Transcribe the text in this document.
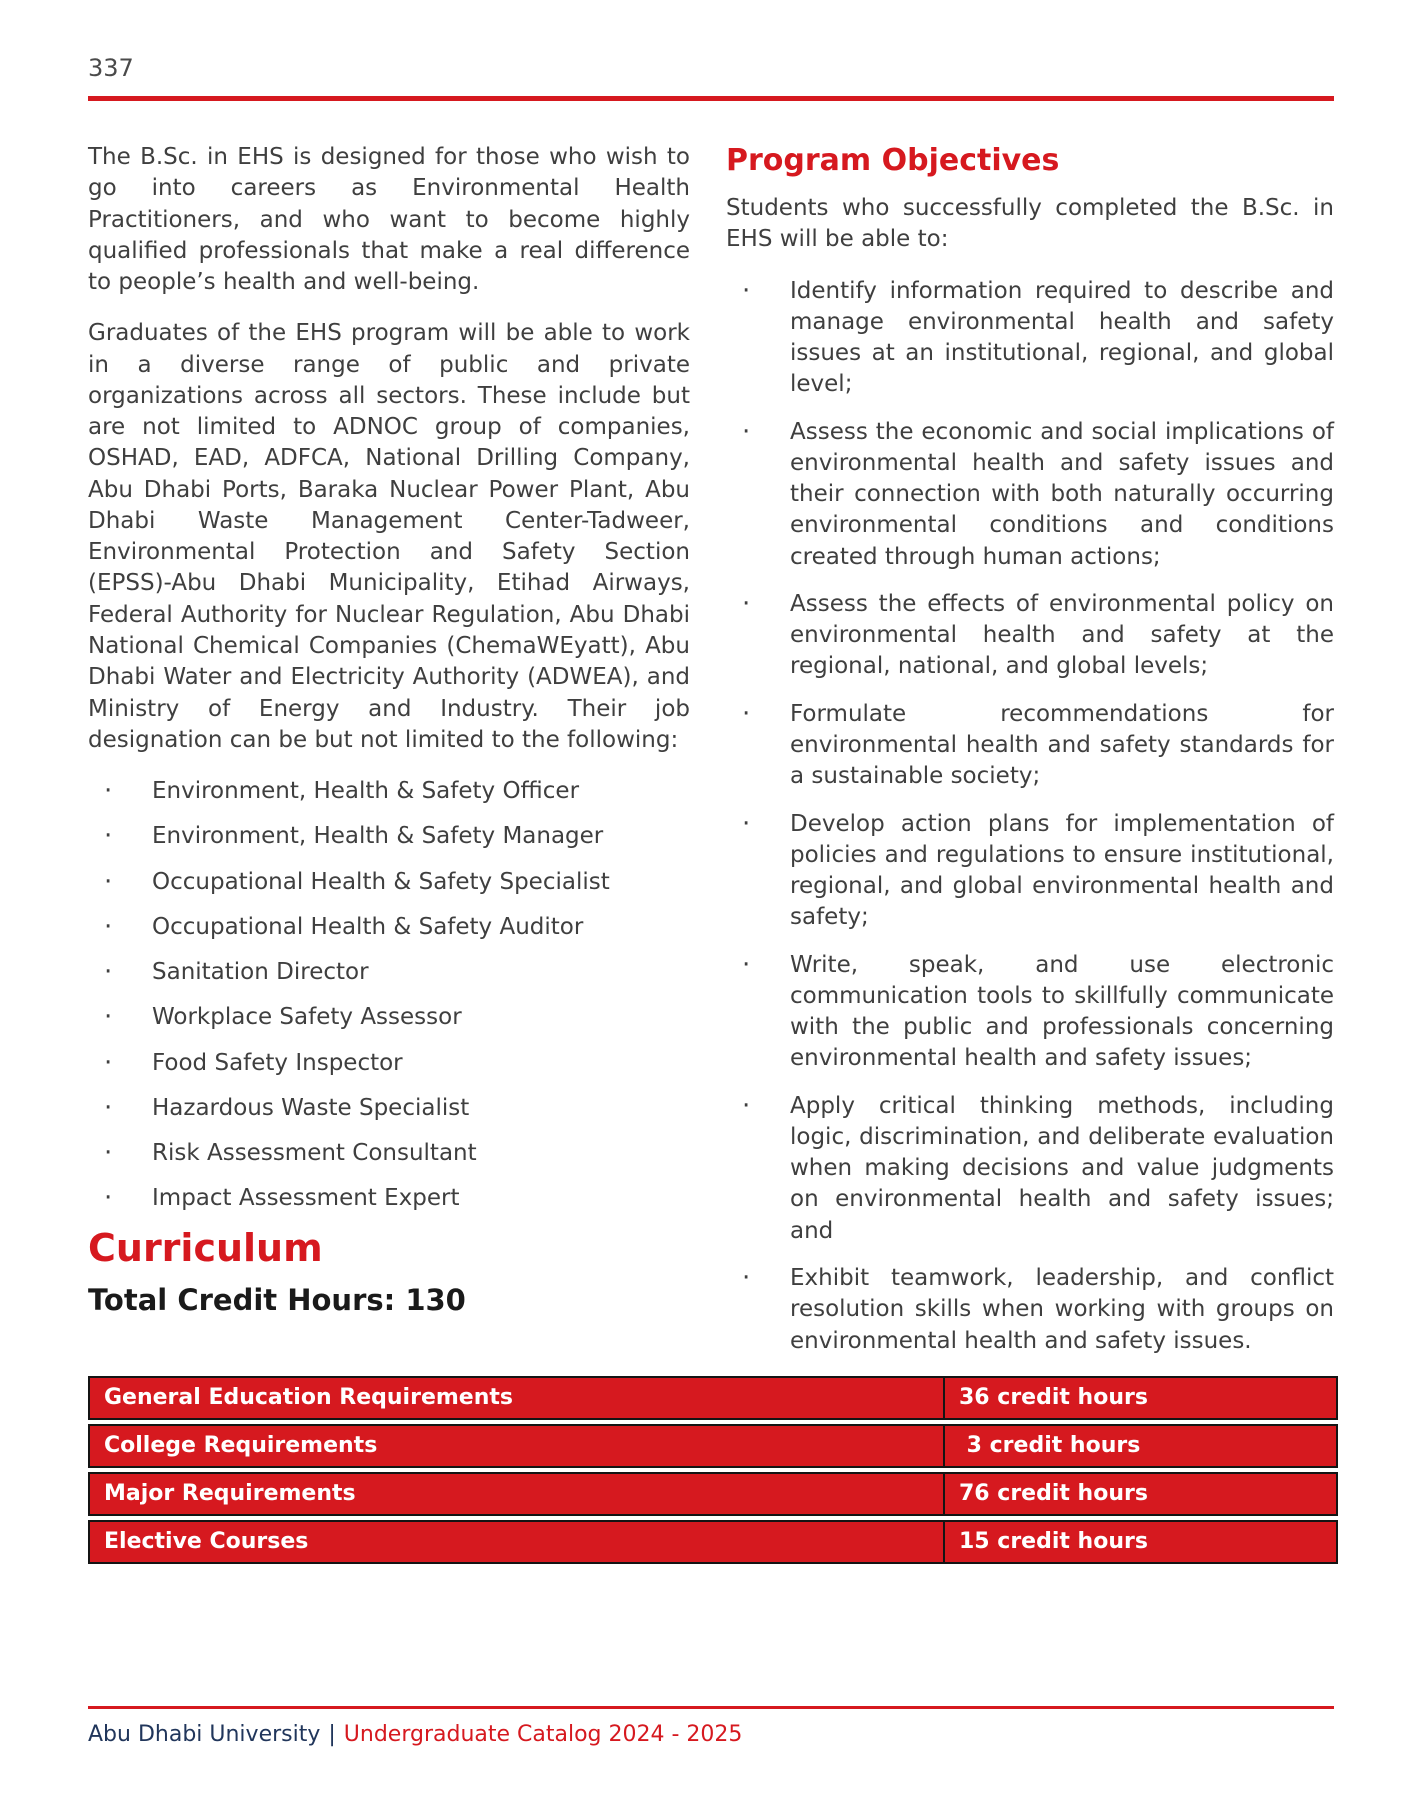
337

The B.Sc. in EHS is designed for those who wish to go into careers as Environmental Health Practitioners, and who want to become highly qualified professionals that make a real difference to people’s health and well-being.

Graduates of the EHS program will be able to work in a diverse range of public and private organizations across all sectors. These include but are not limited to ADNOC group of companies, OSHAD, EAD, ADFCA, National Drilling Company, Abu Dhabi Ports, Baraka Nuclear Power Plant, Abu Dhabi Waste Management Center-Tadweer, Environmental Protection and Safety Section (EPSS)-Abu Dhabi Municipality, Etihad Airways, Federal Authority for Nuclear Regulation, Abu Dhabi National Chemical Companies (ChemaWEyatt), Abu Dhabi Water and Electricity Authority (ADWEA), and Ministry of Energy and Industry. Their job designation can be but not limited to the following:

· Environment, Health & Safety Officer
· Environment, Health & Safety Manager
· Occupational Health & Safety Specialist
· Occupational Health & Safety Auditor
· Sanitation Director
· Workplace Safety Assessor
· Food Safety Inspector
· Hazardous Waste Specialist
· Risk Assessment Consultant
· Impact Assessment Expert
Program Objectives

Students who successfully completed the B.Sc. in EHS will be able to:

· Identify information required to describe and manage environmental health and safety issues at an institutional, regional, and global level;
· Assess the economic and social implications of environmental health and safety issues and their connection with both naturally occurring environmental conditions and conditions created through human actions;
· Assess the effects of environmental policy on environmental health and safety at the regional, national, and global levels;
· Formulate recommendations for environmental health and safety standards for a sustainable society;
· Develop action plans for implementation of policies and regulations to ensure institutional, regional, and global environmental health and safety;
· Write, speak, and use electronic communication tools to skillfully communicate with the public and professionals concerning environmental health and safety issues;
· Apply critical thinking methods, including logic, discrimination, and deliberate evaluation when making decisions and value judgments on environmental health and safety issues; and
· Exhibit teamwork, leadership, and conflict resolution skills when working with groups on environmental health and safety issues.
Curriculum
Total Credit Hours: 130
General Education Requirements	36 credit hours
College Requirements	3 credit hours
Major Requirements	76 credit hours
Elective Courses	15 credit hours
Abu Dhabi University | Undergraduate Catalog 2024 - 2025
